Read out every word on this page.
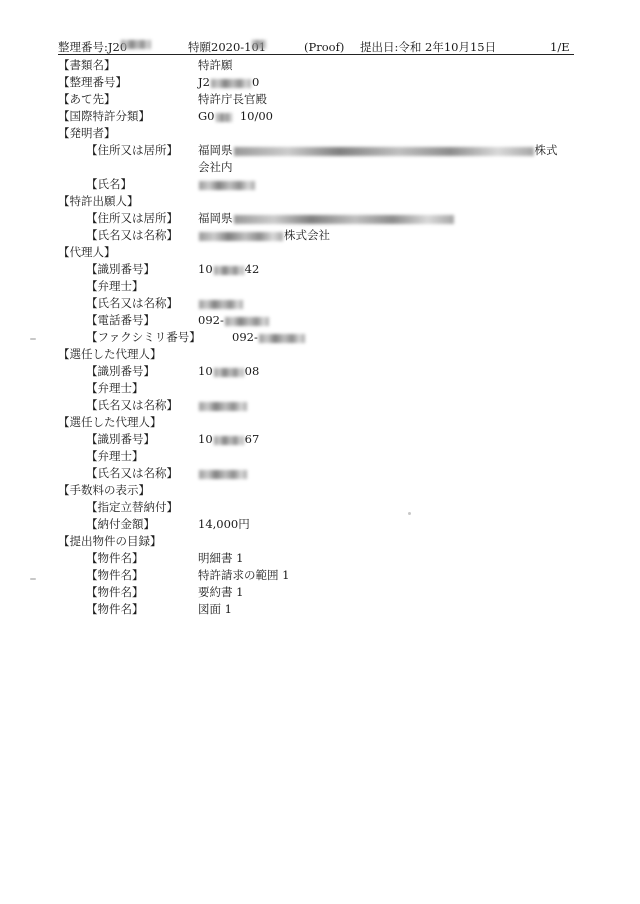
整理番号:J2	特願2020-1	(Proof) 提出日:令和 2年10月15日	1/E
【書類名】	特許願
【整理番号】	J2	0
【あて先】	特許庁長官殿
【国際特許分類】	G0 10/00
【発明者】
【住所又は居所】 福岡県	株式
会社内
【氏名】
【特許出願人】
【住所又は居所】 福岡県
【氏名又は名称】	株式会社
【代理人】
【識別番号】	10	42
【弁理士】
【氏名又は名称】
【電話番号】	092-
【ファクシミリ番号】	092-
【選任した代理人】
【識別番号】	10	08
【弁理士】
【氏名又は名称】
【選任した代理人】
【識別番号】	10	67
【弁理士】
【氏名又は名称】
【手数料の表示】
【指定立替納付】
【納付金額】	14,000円
【提出物件の目録】
【物件名】	明細書 1
【物件名】	特許請求の範囲 1
【物件名】	要約書 1
【物件名】	図面 1
